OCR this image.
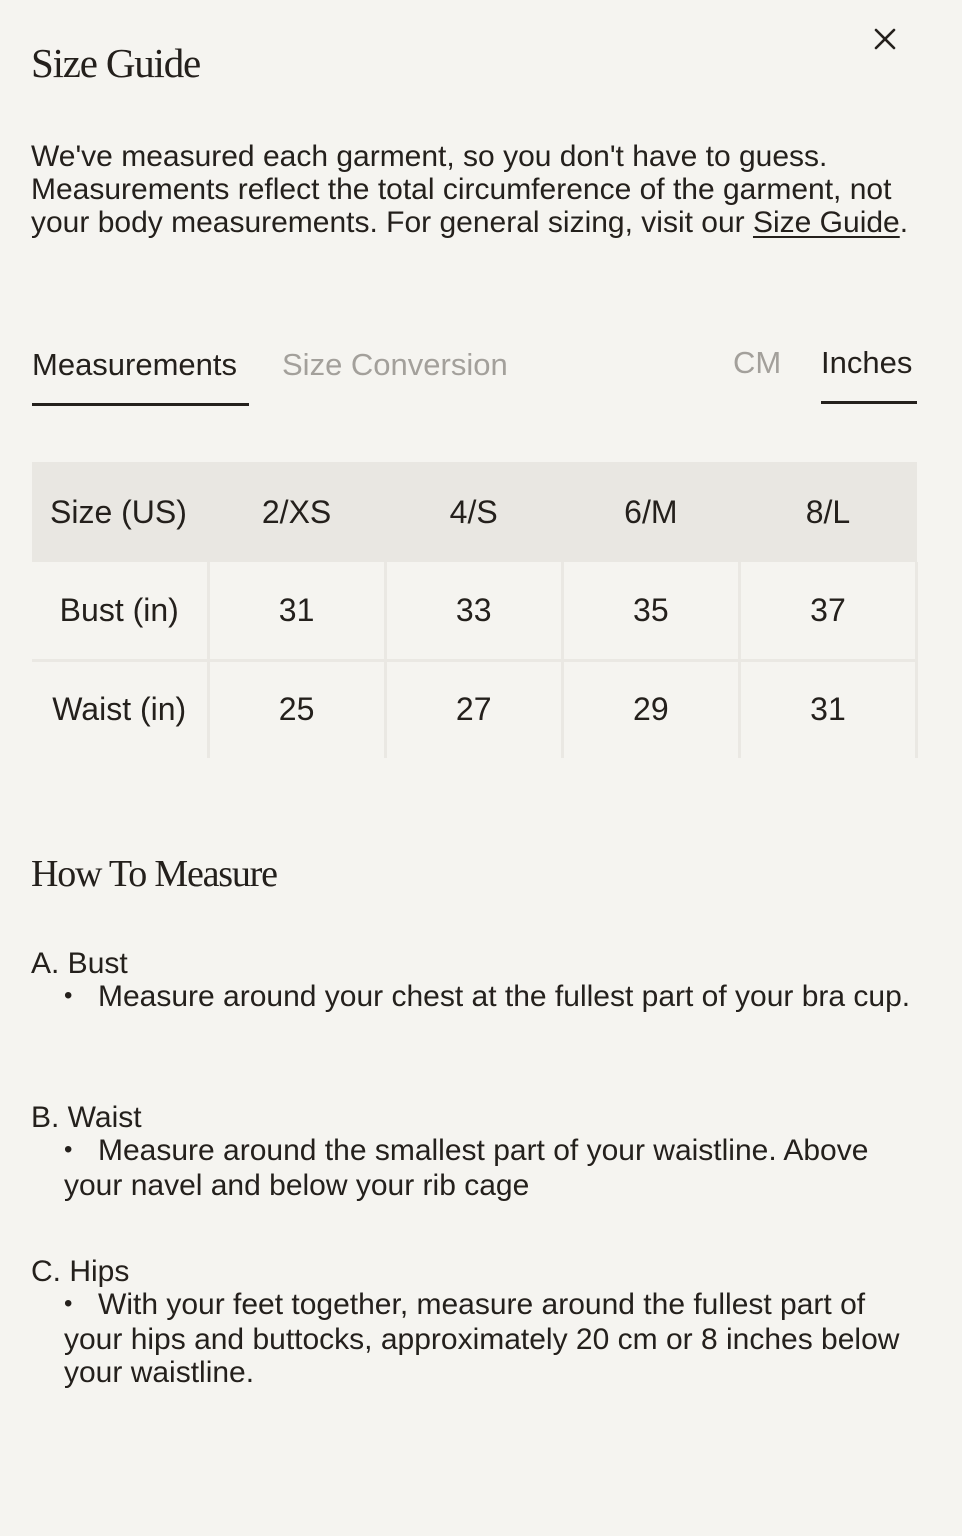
Size Guide

We've measured each garment, so you don't have to guess. Measurements reflect the total circumference of the garment, not your body measurements. For general sizing, visit our Size Guide.

Measurements	Size Conversion	CM Inches
Size (US)	2/XS	4/S	6/M	8/L
Bust (in)	31	33	35	37
Waist (in)	25	27	29	31
How To Measure

A. Bust

• Measure around your chest at the fullest part of your bra cup.

B. Waist

• Measure around the smallest part of your waistline. Above your navel and below your rib cage

C. Hips

• With your feet together, measure around the fullest part of your hips and buttocks, approximately 20 cm or 8 inches below your waistline.
